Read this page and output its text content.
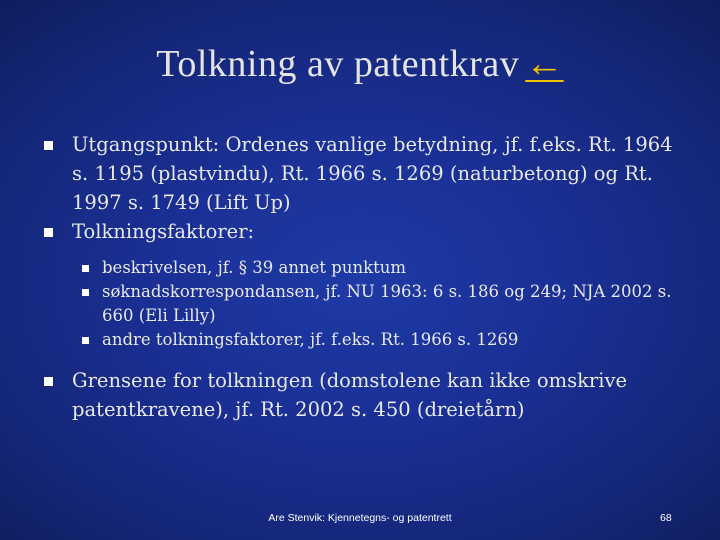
Tolkning av patentkrav ←
Utgangspunkt: Ordenes vanlige betydning, jf. f.eks. Rt. 1964 s. 1195 (plastvindu), Rt. 1966 s. 1269 (naturbetong) og Rt. 1997 s. 1749 (Lift Up)
Tolkningsfaktorer:
beskrivelsen, jf. § 39 annet punktum
søknadskorrespondansen, jf. NU 1963: 6 s. 186 og 249; NJA 2002 s. 660 (Eli Lilly)
andre tolkningsfaktorer, jf. f.eks. Rt. 1966 s. 1269
Grensene for tolkningen (domstolene kan ikke omskrive patentkravene), jf. Rt. 2002 s. 450 (dreietårn)
Are Stenvik: Kjennetegns- og patentrett	68
